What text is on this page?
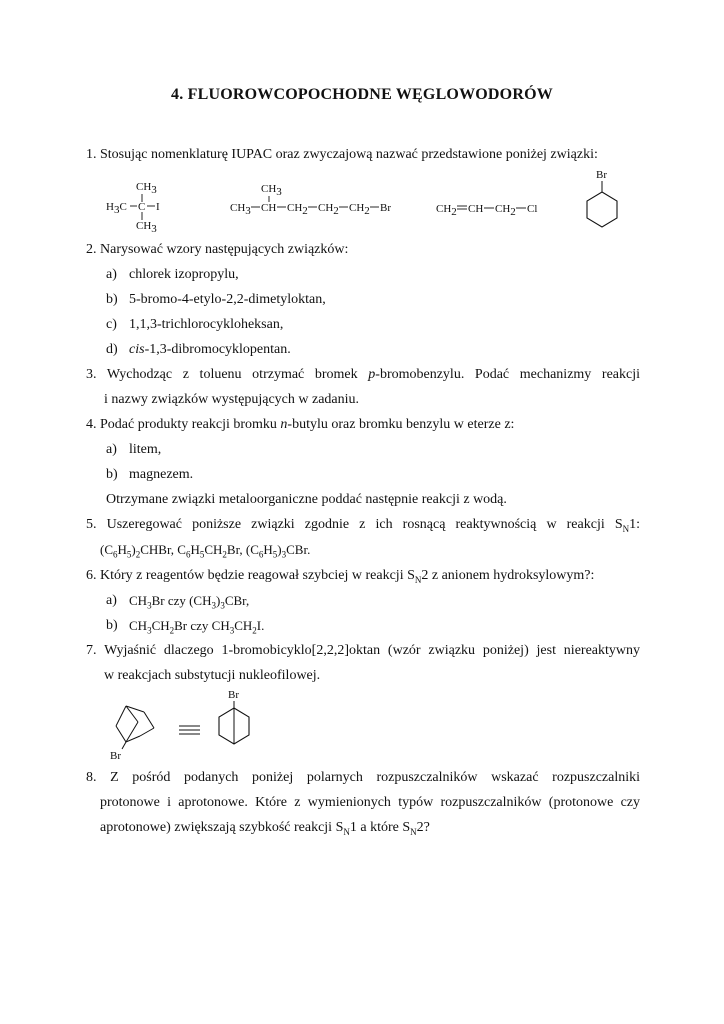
4. FLUOROWCOPOCHODNE WĘGLOWODORÓW
1. Stosując nomenklaturę IUPAC oraz zwyczajową nazwać przedstawione poniżej związki:
CH3
H3C C I
CH3
CH3
CH3 CH CH2 CH2 CH2 Br	CH2 CH CH2 Cl
Br
2. Narysować wzory następujących związków:
a) chlorek izopropylu,
b) 5-bromo-4-etylo-2,2-dimetyloktan,
c) 1,1,3-trichlorocykloheksan,
d) cis-1,3-dibromocyklopentan.
3. Wychodząc z toluenu otrzymać bromek p-bromobenzylu. Podać mechanizmy reakcji
i nazwy związków występujących w zadaniu.
4. Podać produkty reakcji bromku n-butylu oraz bromku benzylu w eterze z:
a) litem,
b) magnezem.
Otrzymane związki metaloorganiczne poddać następnie reakcji z wodą.
5. Uszeregować poniższe związki zgodnie z ich rosnącą reaktywnością w reakcji $S_N1$:
$(C_6H_5)_2CHBr$, $C_6H_5CH_2Br$, $(C_6H_5)_3CBr$.
6. Który z reagentów będzie reagował szybciej w reakcji $S_N2$ z anionem hydroksylowym?:
a) $CH_3Br$ czy $(CH_3)_3CBr$,
b) $CH_3CH_2Br$ czy $CH_3CH_2I$.
7. Wyjaśnić dlaczego 1-bromobicyklo[2,2,2]oktan (wzór związku poniżej) jest niereaktywny
w reakcjach substytucji nukleofilowej.
Br
Br
8. Z pośród podanych poniżej polarnych rozpuszczalników wskazać rozpuszczalniki
protonowe i aprotonowe. Które z wymienionych typów rozpuszczalników (protonowe czy
aprotonowe) zwiększają szybkość reakcji $S_N1$ a które $S_N2$?
